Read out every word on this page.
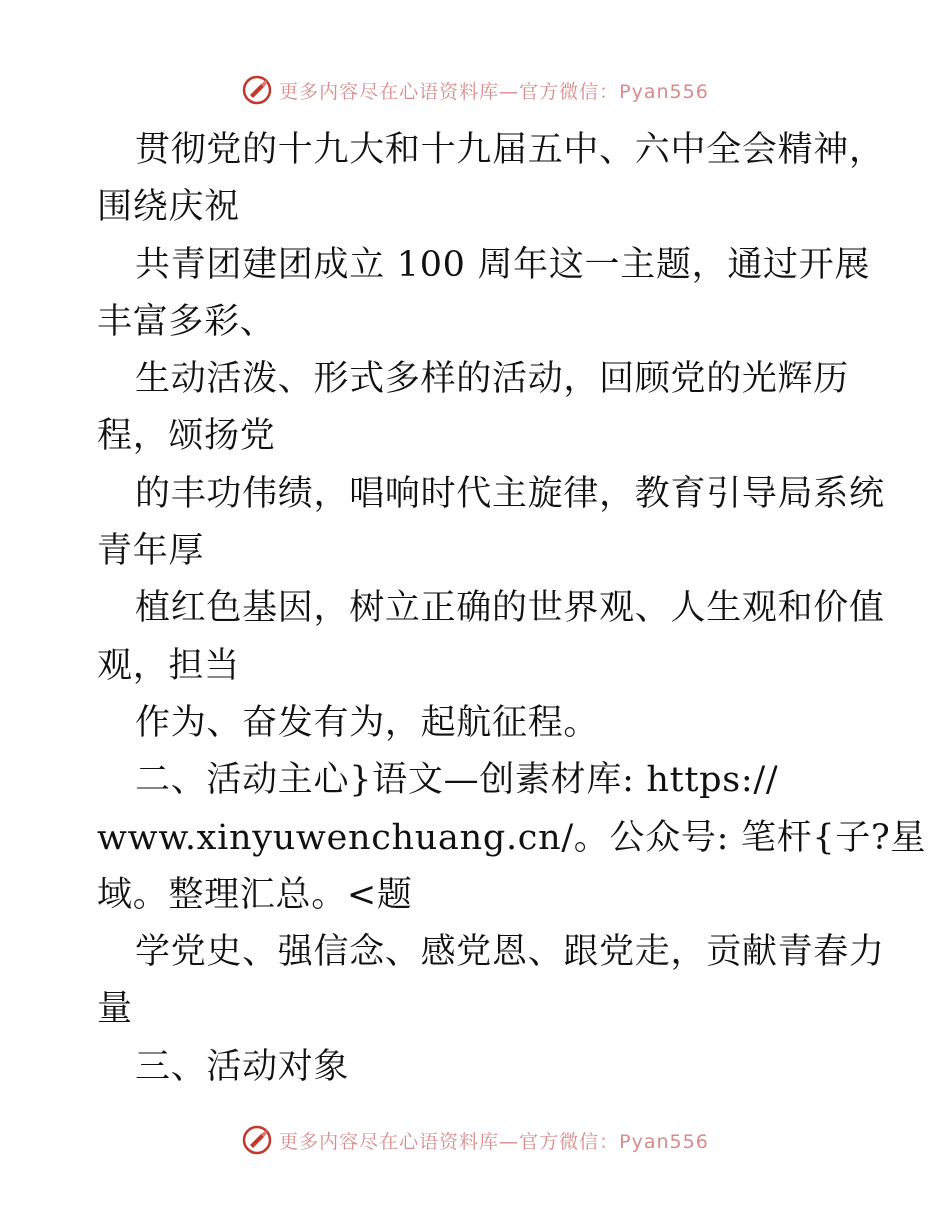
更多内容尽在心语资料库—官方微信：Pyan556

贯彻党的十九大和十九届五中、六中全会精神，

围绕庆祝

共青团建团成立 100 周年这一主题，通过开展

丰富多彩、

生动活泼、形式多样的活动，回顾党的光辉历

程，颂扬党

的丰功伟绩，唱响时代主旋律，教育引导局系统

青年厚

植红色基因，树立正确的世界观、人生观和价值

观，担当

作为、奋发有为，起航征程。

二、活动主心}语文—创素材库: https://

www.xinyuwenchuang.cn/。公众号: 笔杆{子?星

域。整理汇总。<题

学党史、强信念、感党恩、跟党走，贡献青春力

量

三、活动对象

更多内容尽在心语资料库—官方微信：Pyan556
